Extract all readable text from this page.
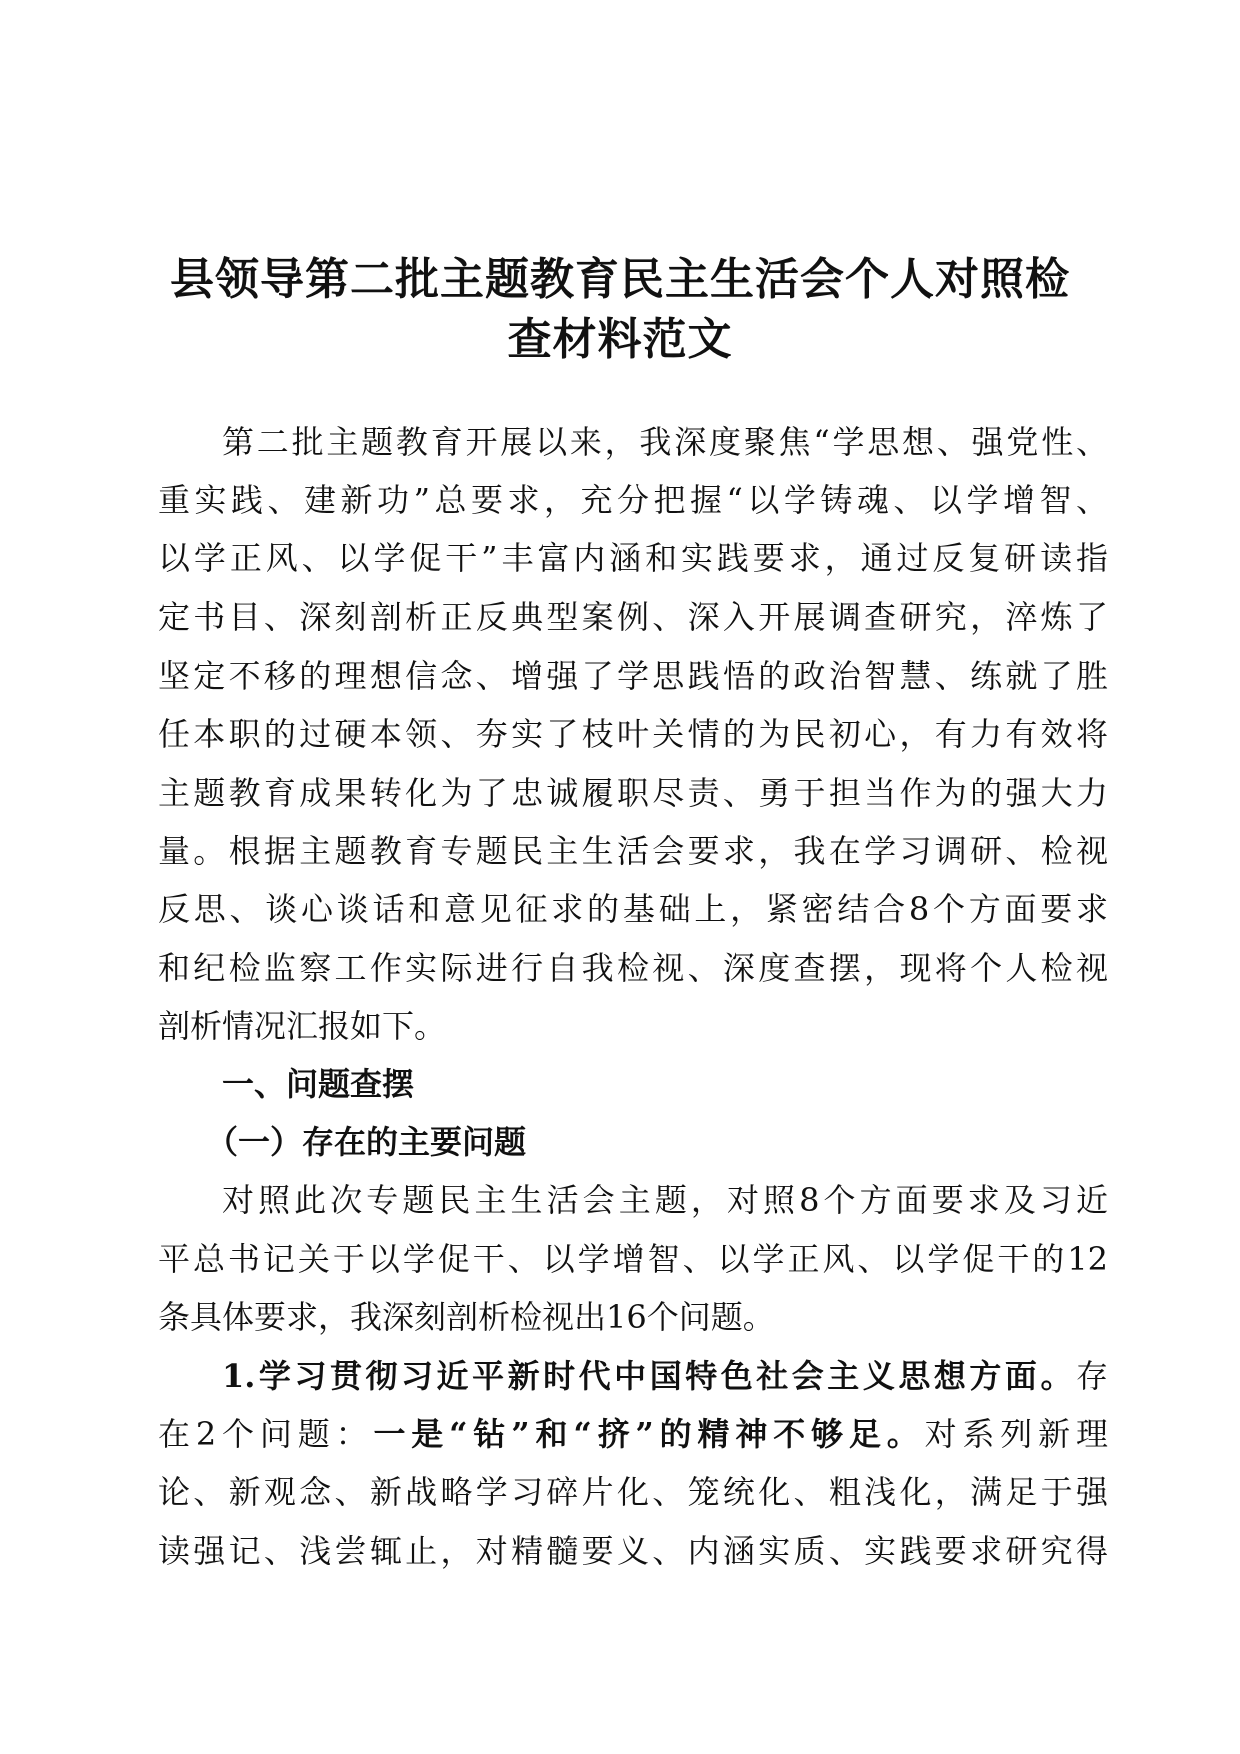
县领导第二批主题教育民主生活会个人对照检
查材料范文
第二批主题教育开展以来，我深度聚焦“学思想、强党性、
重实践、建新功”总要求，充分把握“以学铸魂、以学增智、
以学正风、以学促干”丰富内涵和实践要求，通过反复研读指
定书目、深刻剖析正反典型案例、深入开展调查研究，淬炼了
坚定不移的理想信念、增强了学思践悟的政治智慧、练就了胜
任本职的过硬本领、夯实了枝叶关情的为民初心，有力有效将
主题教育成果转化为了忠诚履职尽责、勇于担当作为的强大力
量。根据主题教育专题民主生活会要求，我在学习调研、检视
反思、谈心谈话和意见征求的基础上，紧密结合8个方面要求
和纪检监察工作实际进行自我检视、深度查摆，现将个人检视
剖析情况汇报如下。
一、问题查摆
（一）存在的主要问题
对照此次专题民主生活会主题，对照8个方面要求及习近
平总书记关于以学促干、以学增智、以学正风、以学促干的12
条具体要求，我深刻剖析检视出16个问题。
1.学习贯彻习近平新时代中国特色社会主义思想方面。存
在2个问题：一是“钻”和“挤”的精神不够足。对系列新理
论、新观念、新战略学习碎片化、笼统化、粗浅化，满足于强
读强记、浅尝辄止，对精髓要义、内涵实质、实践要求研究得
